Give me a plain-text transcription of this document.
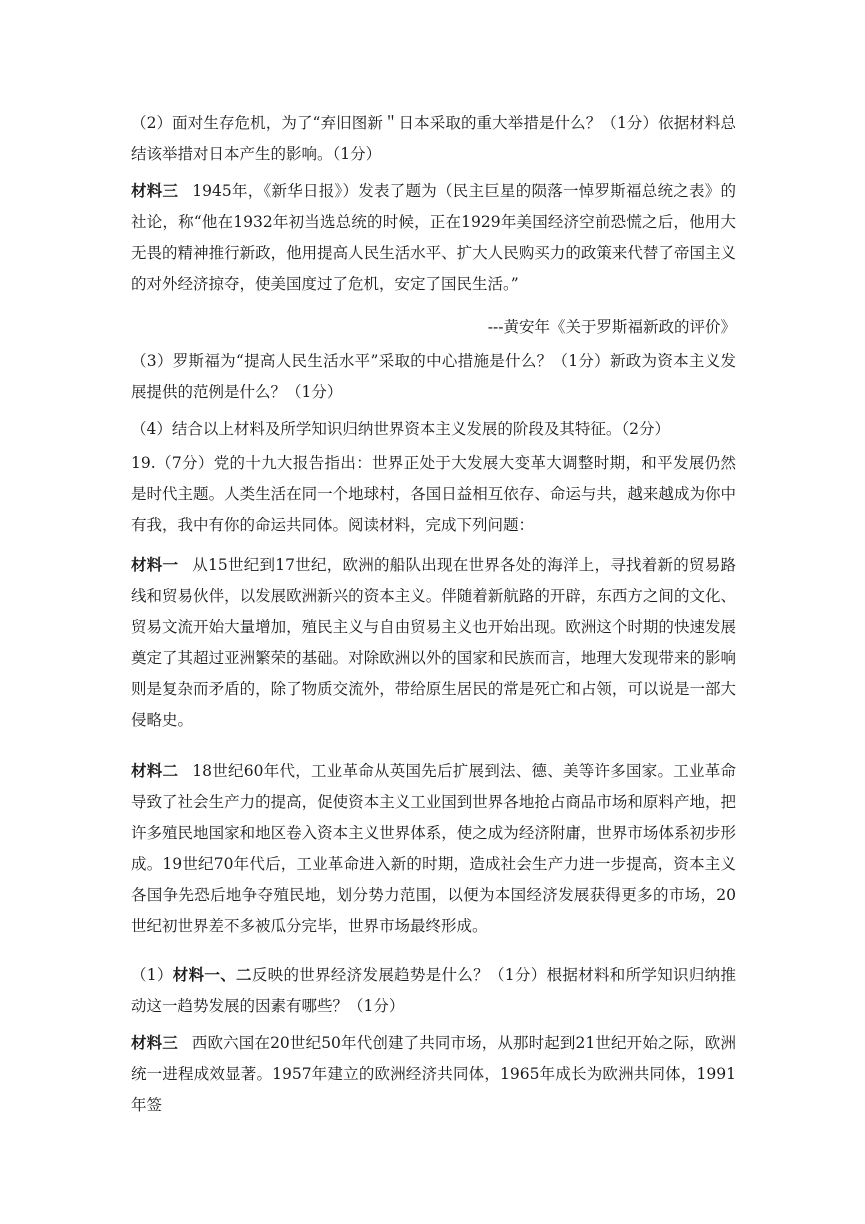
（2）面对生存危机，为了“弃旧图新＂日本采取的重大举措是什么？（1分）依据材料总结该举措对日本产生的影响。（1分）

材料三 1945年，《新华日报》）发表了题为（民主巨星的陨落一悼罗斯福总统之表》的社论，称“他在1932年初当选总统的时候，正在1929年美国经济空前恐慌之后，他用大无畏的精神推行新政，他用提高人民生活水平、扩大人民购买力的政策来代替了帝国主义的对外经济掠夺，使美国度过了危机，安定了国民生活。”

---黄安年《关于罗斯福新政的评价》

（3）罗斯福为“提高人民生活水平”采取的中心措施是什么？（1分）新政为资本主义发展提供的范例是什么？（1分）

（4）结合以上材料及所学知识归纳世界资本主义发展的阶段及其特征。（2分）

19.（7分）党的十九大报告指出：世界正处于大发展大变革大调整时期，和平发展仍然是时代主题。人类生活在同一个地球村，各国日益相互依存、命运与共，越来越成为你中有我，我中有你的命运共同体。阅读材料，完成下列问题：

材料一 从15世纪到17世纪，欧洲的船队出现在世界各处的海洋上，寻找着新的贸易路线和贸易伙伴，以发展欧洲新兴的资本主义。伴随着新航路的开辟，东西方之间的文化、贸易文流开始大量增加，殖民主义与自由贸易主义也开始出现。欧洲这个时期的快速发展奠定了其超过亚洲繁荣的基础。对除欧洲以外的国家和民族而言，地理大发现带来的影响则是复杂而矛盾的，除了物质交流外，带给原生居民的常是死亡和占领，可以说是一部大侵略史。

材料二 18世纪60年代，工业革命从英国先后扩展到法、德、美等许多国家。工业革命导致了社会生产力的提高，促使资本主义工业国到世界各地抢占商品市场和原料产地，把许多殖民地国家和地区卷入资本主义世界体系，使之成为经济附庸，世界市场体系初步形成。19世纪70年代后，工业革命进入新的时期，造成社会生产力进一步提高，资本主义各国争先恐后地争夺殖民地，划分势力范围，以便为本国经济发展获得更多的市场，20世纪初世界差不多被瓜分完毕，世界市场最终形成。

（1）材料一、二反映的世界经济发展趋势是什么？（1分）根据材料和所学知识归纳推动这一趋势发展的因素有哪些？（1分）

材料三 西欧六国在20世纪50年代创建了共同市场，从那时起到21世纪开始之际，欧洲统一进程成效显著。1957年建立的欧洲经济共同体，1965年成长为欧洲共同体，1991年签
